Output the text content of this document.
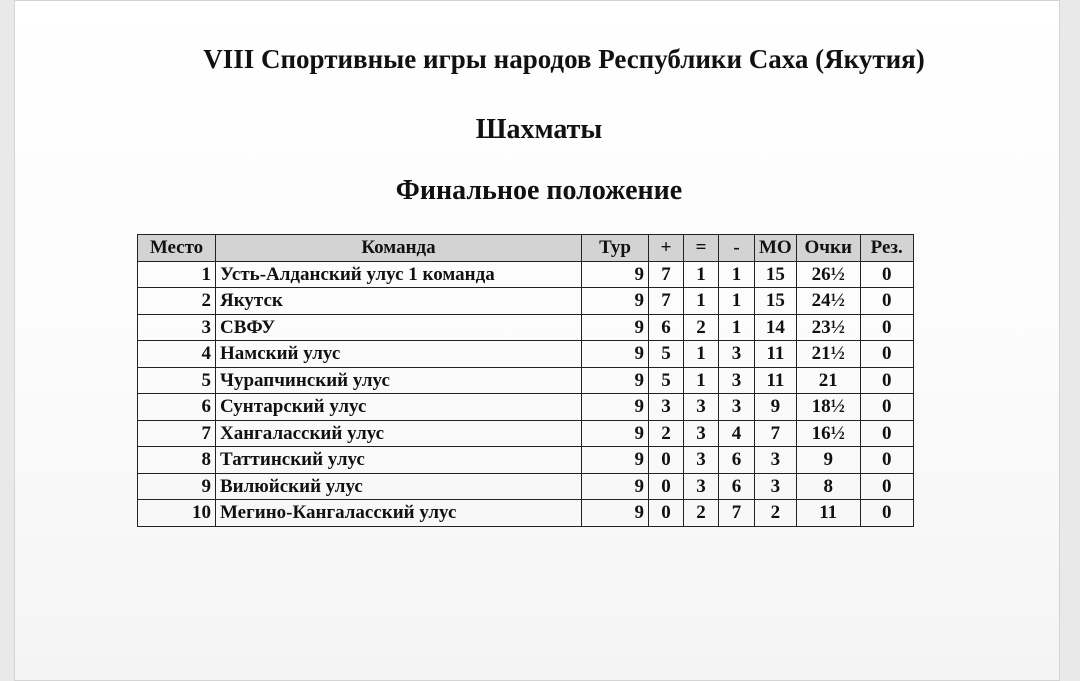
VIII Спортивные игры народов Республики Саха (Якутия)
Шахматы
Финальное положение
Место	Команда	Тур	+	=	-	МО	Очки	Рез.
1	Усть-Алданский улус 1 команда	9	7	1	1	15	26½	0
2	Якутск	9	7	1	1	15	24½	0
3	СВФУ	9	6	2	1	14	23½	0
4	Намский улус	9	5	1	3	11	21½	0
5	Чурапчинский улус	9	5	1	3	11	21	0
6	Сунтарский улус	9	3	3	3	9	18½	0
7	Хангаласский улус	9	2	3	4	7	16½	0
8	Таттинский улус	9	0	3	6	3	9	0
9	Вилюйский улус	9	0	3	6	3	8	0
10	Мегино-Кангаласский улус	9	0	2	7	2	11	0
